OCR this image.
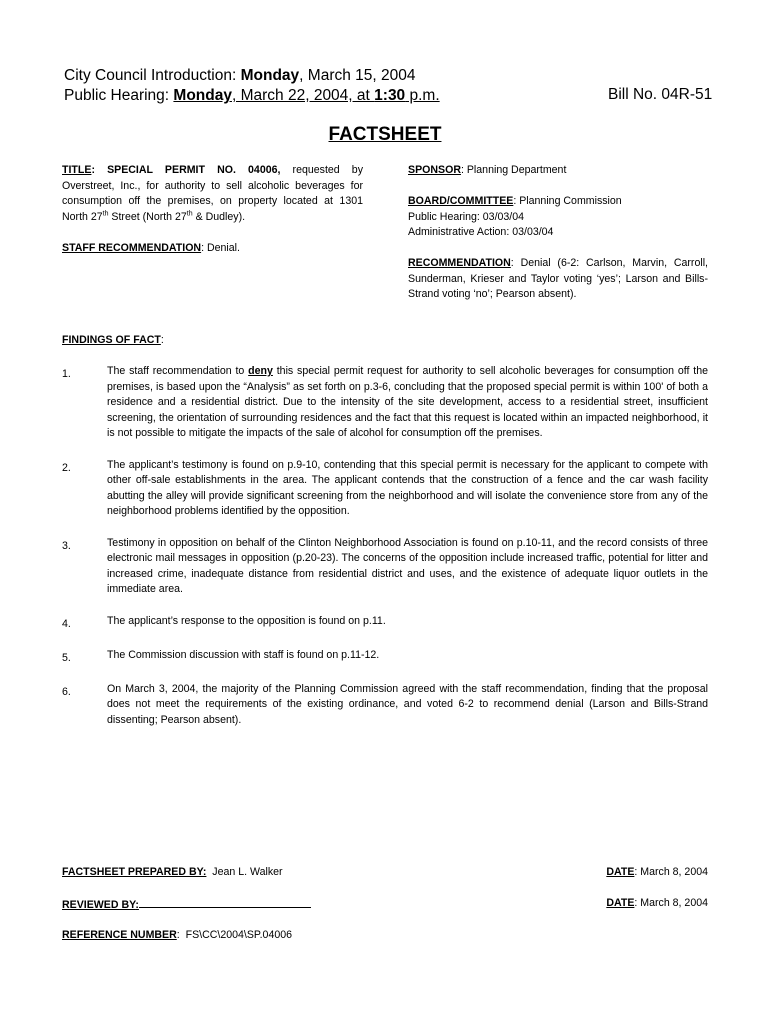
City Council Introduction: Monday, March 15, 2004
Public Hearing: Monday, March 22, 2004, at 1:30 p.m.	Bill No. 04R-51
FACTSHEET
TITLE: SPECIAL PERMIT NO. 04006, requested by Overstreet, Inc., for authority to sell alcoholic beverages for consumption off the premises, on property located at 1301 North 27th Street (North 27th & Dudley).
STAFF RECOMMENDATION: Denial.
SPONSOR: Planning Department
BOARD/COMMITTEE: Planning Commission
Public Hearing: 03/03/04
Administrative Action: 03/03/04
RECOMMENDATION: Denial (6-2: Carlson, Marvin, Carroll, Sunderman, Krieser and Taylor voting ‘yes’; Larson and Bills-Strand voting ‘no’; Pearson absent).
FINDINGS OF FACT:
1.	The staff recommendation to deny this special permit request for authority to sell alcoholic beverages for consumption off the premises, is based upon the “Analysis” as set forth on p.3-6, concluding that the proposed special permit is within 100' of both a residence and a residential district. Due to the intensity of the site development, access to a residential street, insufficient screening, the orientation of surrounding residences and the fact that this request is located within an impacted neighborhood, it is not possible to mitigate the impacts of the sale of alcohol for consumption off the premises.
2.	The applicant’s testimony is found on p.9-10, contending that this special permit is necessary for the applicant to compete with other off-sale establishments in the area. The applicant contends that the construction of a fence and the car wash facility abutting the alley will provide significant screening from the neighborhood and will isolate the convenience store from any of the neighborhood problems identified by the opposition.
3.	Testimony in opposition on behalf of the Clinton Neighborhood Association is found on p.10-11, and the record consists of three electronic mail messages in opposition (p.20-23). The concerns of the opposition include increased traffic, potential for litter and increased crime, inadequate distance from residential district and uses, and the existence of adequate liquor outlets in the immediate area.
4.	The applicant’s response to the opposition is found on p.11.
5.	The Commission discussion with staff is found on p.11-12.
6.	On March 3, 2004, the majority of the Planning Commission agreed with the staff recommendation, finding that the proposal does not meet the requirements of the existing ordinance, and voted 6-2 to recommend denial (Larson and Bills-Strand dissenting; Pearson absent).
FACTSHEET PREPARED BY:  Jean L. Walker	DATE: March 8, 2004
REVIEWED BY:	DATE: March 8, 2004
REFERENCE NUMBER:  FS\CC\2004\SP.04006
